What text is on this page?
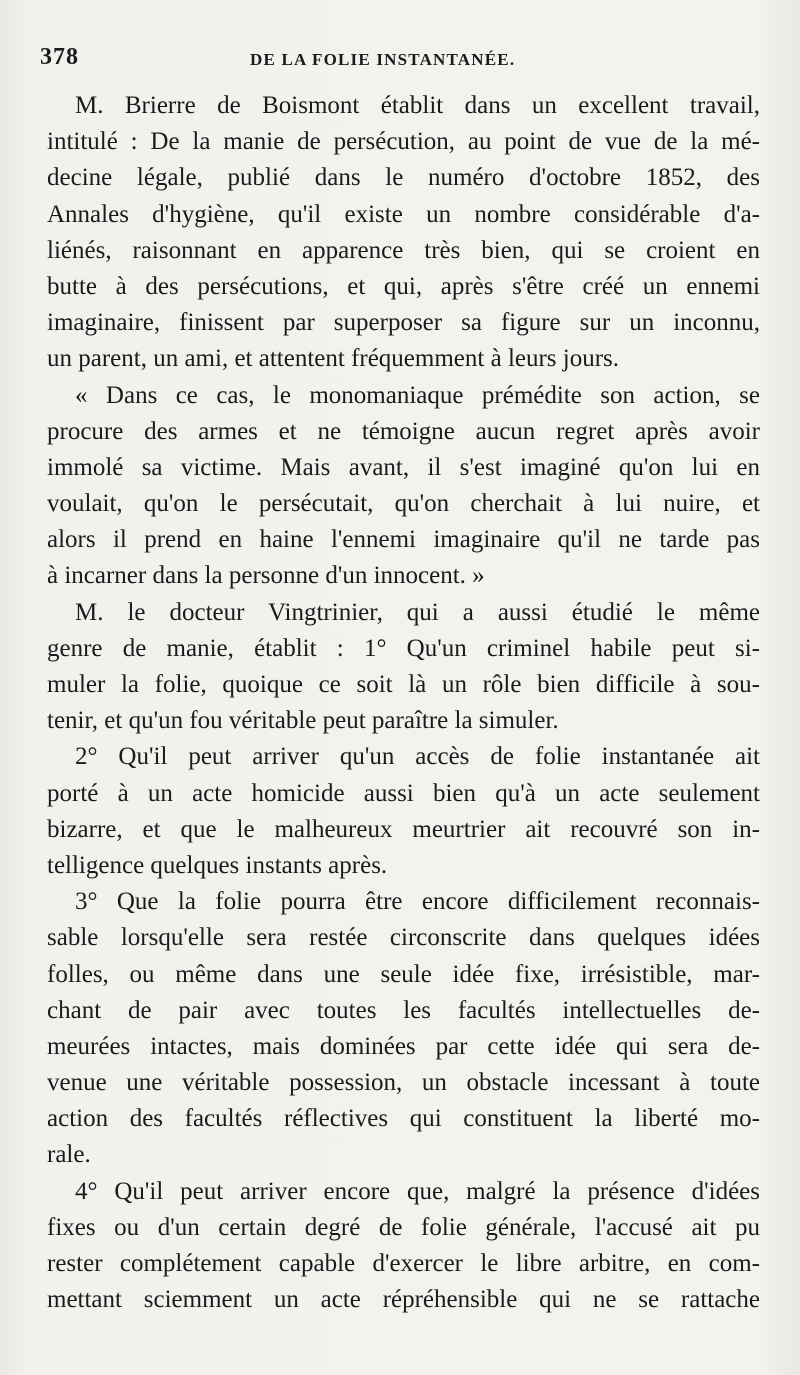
378	DE LA FOLIE INSTANTANÉE.
M. Brierre de Boismont établit dans un excellent travail,
intitulé : De la manie de persécution, au point de vue de la mé-
decine légale, publié dans le numéro d'octobre 1852, des
Annales d'hygiène, qu'il existe un nombre considérable d'a-
liénés, raisonnant en apparence très bien, qui se croient en
butte à des persécutions, et qui, après s'être créé un ennemi
imaginaire, finissent par superposer sa figure sur un inconnu,
un parent, un ami, et attentent fréquemment à leurs jours.
« Dans ce cas, le monomaniaque prémédite son action, se
procure des armes et ne témoigne aucun regret après avoir
immolé sa victime. Mais avant, il s'est imaginé qu'on lui en
voulait, qu'on le persécutait, qu'on cherchait à lui nuire, et
alors il prend en haine l'ennemi imaginaire qu'il ne tarde pas
à incarner dans la personne d'un innocent. »
M. le docteur Vingtrinier, qui a aussi étudié le même
genre de manie, établit : 1° Qu'un criminel habile peut si-
muler la folie, quoique ce soit là un rôle bien difficile à sou-
tenir, et qu'un fou véritable peut paraître la simuler.
2° Qu'il peut arriver qu'un accès de folie instantanée ait
porté à un acte homicide aussi bien qu'à un acte seulement
bizarre, et que le malheureux meurtrier ait recouvré son in-
telligence quelques instants après.
3° Que la folie pourra être encore difficilement reconnais-
sable lorsqu'elle sera restée circonscrite dans quelques idées
folles, ou même dans une seule idée fixe, irrésistible, mar-
chant de pair avec toutes les facultés intellectuelles de-
meurées intactes, mais dominées par cette idée qui sera de-
venue une véritable possession, un obstacle incessant à toute
action des facultés réflectives qui constituent la liberté mo-
rale.
4° Qu'il peut arriver encore que, malgré la présence d'idées
fixes ou d'un certain degré de folie générale, l'accusé ait pu
rester complétement capable d'exercer le libre arbitre, en com-
mettant sciemment un acte répréhensible qui ne se rattache
